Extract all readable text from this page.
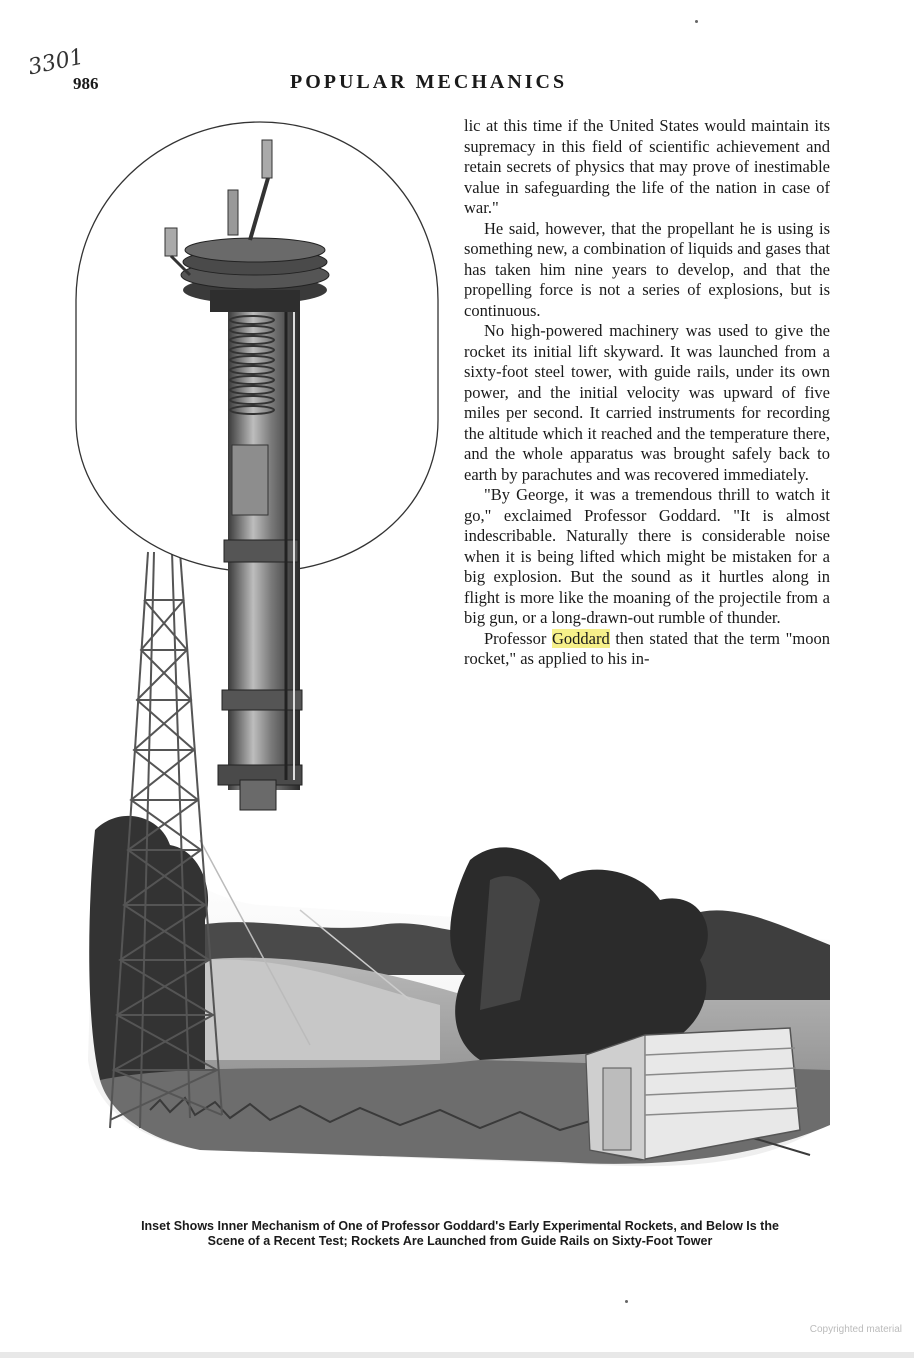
3301
986	POPULAR MECHANICS

lic at this time if the United States would maintain its supremacy in this field of scientific achievement and retain secrets of physics that may prove of inestimable value in safeguarding the life of the nation in case of war."

He said, however, that the propellant he is using is something new, a combination of liquids and gases that has taken him nine years to develop, and that the propelling force is not a series of explosions, but is continuous.

No high-powered machinery was used to give the rocket its initial lift skyward. It was launched from a sixty-foot steel tower, with guide rails, under its own power, and the initial velocity was upward of five miles per second. It carried instruments for recording the altitude which it reached and the temperature there, and the whole apparatus was brought safely back to earth by parachutes and was recovered immediately.

"By George, it was a tremendous thrill to watch it go," exclaimed Professor Goddard. "It is almost indescribable. Naturally there is considerable noise when it is being lifted which might be mistaken for a big explosion. But the sound as it hurtles along in flight is more like the moaning of the projectile from a big gun, or a long-drawn-out rumble of thunder.

Professor Goddard then stated that the term "moon rocket," as applied to his in-

Inset Shows Inner Mechanism of One of Professor Goddard's Early Experimental Rockets, and Below Is the
Scene of a Recent Test; Rockets Are Launched from Guide Rails on Sixty-Foot Tower
Copyrighted material
